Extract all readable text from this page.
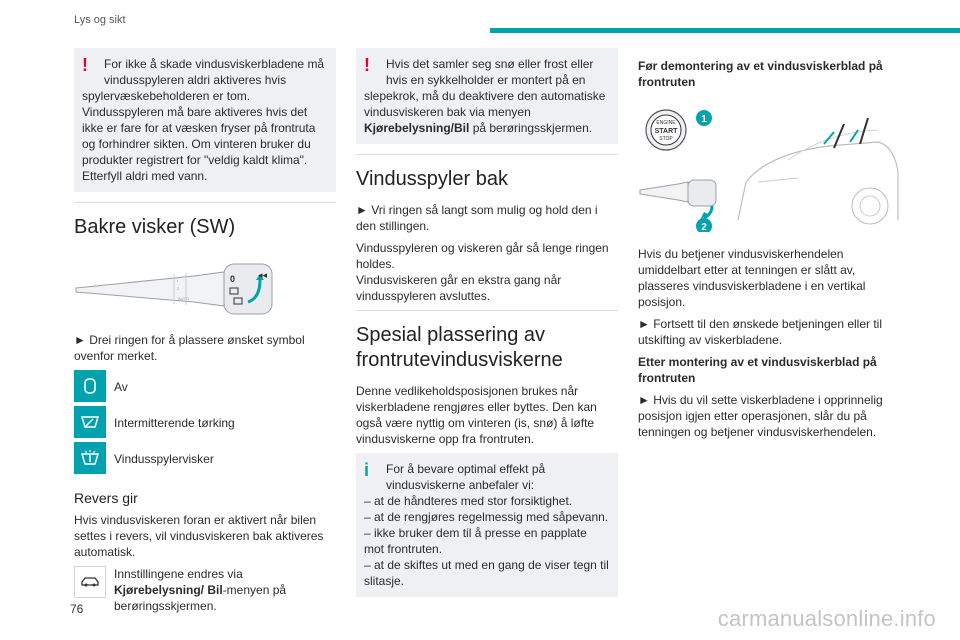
Lys og sikt
!	For ikke å skade vindusviskerbladene må vindusspyleren aldri aktiveres hvis

spylervæskebeholderen er tom. Vindusspyleren må bare aktiveres hvis det ikke er fare for at væsken fryser på frontruta og forhindrer sikten. Om vinteren bruker du produkter registrert for "veldig kaldt klima". Etterfyll aldri med vann.

Bakre visker (SW)
I
2
AUTO
0	◂◂

► Drei ringen for å plassere ønsket symbol ovenfor merket.

Av
Intermitterende tørking
Vindusspylervisker
Revers gir

Hvis vindusviskeren foran er aktivert når bilen settes i revers, vil vindusviskeren bak aktiveres automatisk.

Innstillingene endres via Kjørebelysning/ Bil-menyen på berøringsskjermen.

!	Hvis det samler seg snø eller frost eller hvis en sykkelholder er montert på en

slepekrok, må du deaktivere den automatiske vindusviskeren bak via menyen Kjørebelysning/Bil på berøringsskjermen.

Vindusspyler bak

► Vri ringen så langt som mulig og hold den i den stillingen.

Vindusspyleren og viskeren går så lenge ringen holdes.

Vindusviskeren går en ekstra gang når vindusspyleren avsluttes.

Spesial plassering av frontrutevindusviskerne

Denne vedlikeholdsposisjonen brukes når viskerbladene rengjøres eller byttes. Den kan også være nyttig om vinteren (is, snø) å løfte vindusviskerne opp fra frontruten.

i	For å bevare optimal effekt på vindusviskerne anbefaler vi:

– at de håndteres med stor forsiktighet.

– at de rengjøres regelmessig med såpevann.

– ikke bruker dem til å presse en papplate mot frontruten.

– at de skiftes ut med en gang de viser tegn til slitasje.

Før demontering av et vindusviskerblad på frontruten
ENGINE
START
STOP
1
2

Hvis du betjener vindusviskerhendelen umiddelbart etter at tenningen er slått av, plasseres vindusviskerbladene i en vertikal posisjon.

► Fortsett til den ønskede betjeningen eller til utskifting av viskerbladene.

Etter montering av et vindusviskerblad på frontruten

► Hvis du vil sette viskerbladene i opprinnelig posisjon igjen etter operasjonen, slår du på tenningen og betjener vindusviskerhendelen.

76	carmanualsonline.info
